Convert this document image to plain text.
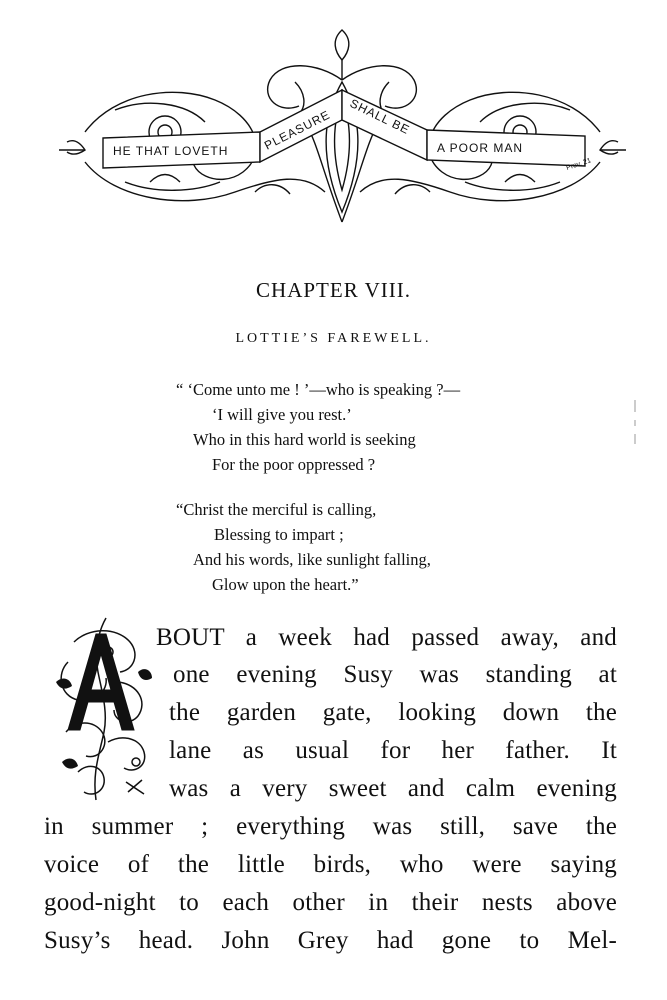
HE THAT LOVETH	PLEASURE SHALL BE
A POOR MAN
Prov. 21
CHAPTER VIII.
LOTTIE’S FAREWELL.
“ ‘Come unto me ! ’—who is speaking ?—
‘I will give you rest.’
Who in this hard world is seeking
For the poor oppressed ?
“Christ the merciful is calling,
Blessing to impart ;
And his words, like sunlight falling,
Glow upon the heart.”
BOUT a week had passed away, and
one evening Susy was standing at
the garden gate, looking down the
lane as usual for her father. It
was a very sweet and calm evening
in summer ; everything was still, save the
voice of the little birds, who were saying
good-night to each other in their nests above
Susy’s head. John Grey had gone to Mel-
